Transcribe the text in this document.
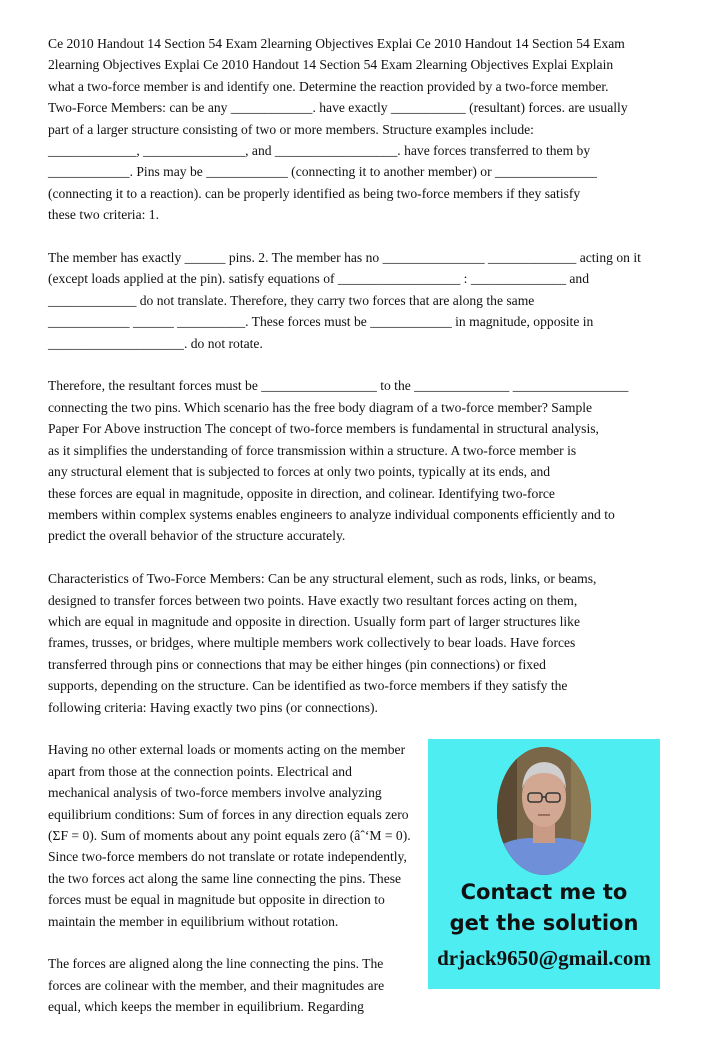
Ce 2010 Handout 14 Section 54 Exam 2learning Objectives Explai Ce 2010 Handout 14 Section 54 Exam
2learning Objectives Explai Ce 2010 Handout 14 Section 54 Exam 2learning Objectives Explai Explain
what a two-force member is and identify one. Determine the reaction provided by a two-force member.
Two-Force Members: can be any ____________. have exactly ___________ (resultant) forces. are usually
part of a larger structure consisting of two or more members. Structure examples include:
_____________, _______________, and __________________. have forces transferred to them by
____________. Pins may be ____________ (connecting it to another member) or _______________
(connecting it to a reaction). can be properly identified as being two-force members if they satisfy
these two criteria: 1.
The member has exactly ______ pins. 2. The member has no _______________ _____________ acting on it
(except loads applied at the pin). satisfy equations of __________________ : ______________ and
_____________ do not translate. Therefore, they carry two forces that are along the same
____________ ______ __________. These forces must be ____________ in magnitude, opposite in
____________________. do not rotate.
Therefore, the resultant forces must be _________________ to the ______________ _________________
connecting the two pins. Which scenario has the free body diagram of a two-force member? Sample
Paper For Above instruction The concept of two-force members is fundamental in structural analysis,
as it simplifies the understanding of force transmission within a structure. A two-force member is
any structural element that is subjected to forces at only two points, typically at its ends, and
these forces are equal in magnitude, opposite in direction, and colinear. Identifying two-force
members within complex systems enables engineers to analyze individual components efficiently and to
predict the overall behavior of the structure accurately.
Characteristics of Two-Force Members: Can be any structural element, such as rods, links, or beams,
designed to transfer forces between two points. Have exactly two resultant forces acting on them,
which are equal in magnitude and opposite in direction. Usually form part of larger structures like
frames, trusses, or bridges, where multiple members work collectively to bear loads. Have forces
transferred through pins or connections that may be either hinges (pin connections) or fixed
supports, depending on the structure. Can be identified as two-force members if they satisfy the
following criteria: Having exactly two pins (or connections).
Contact me to
get the solution
drjack9650@gmail.com
Having no other external loads or moments acting on the member apart from those at the connection points. Electrical and mechanical analysis of two-force members involve analyzingequilibrium conditions: Sum of forces in any direction equals zero (ΣF = 0). Sum of moments about any point equals zero (âˆ‘M = 0). Since two-force members do not translate or rotate independently,the two forces act along the same line connecting the pins. These forces must be equal in magnitude but opposite in direction to maintain the member in equilibrium without rotation.
The forces are aligned along the line connecting the pins. The forces are colinear with the member, and their magnitudes are equal, which keeps the member in equilibrium. Regarding
